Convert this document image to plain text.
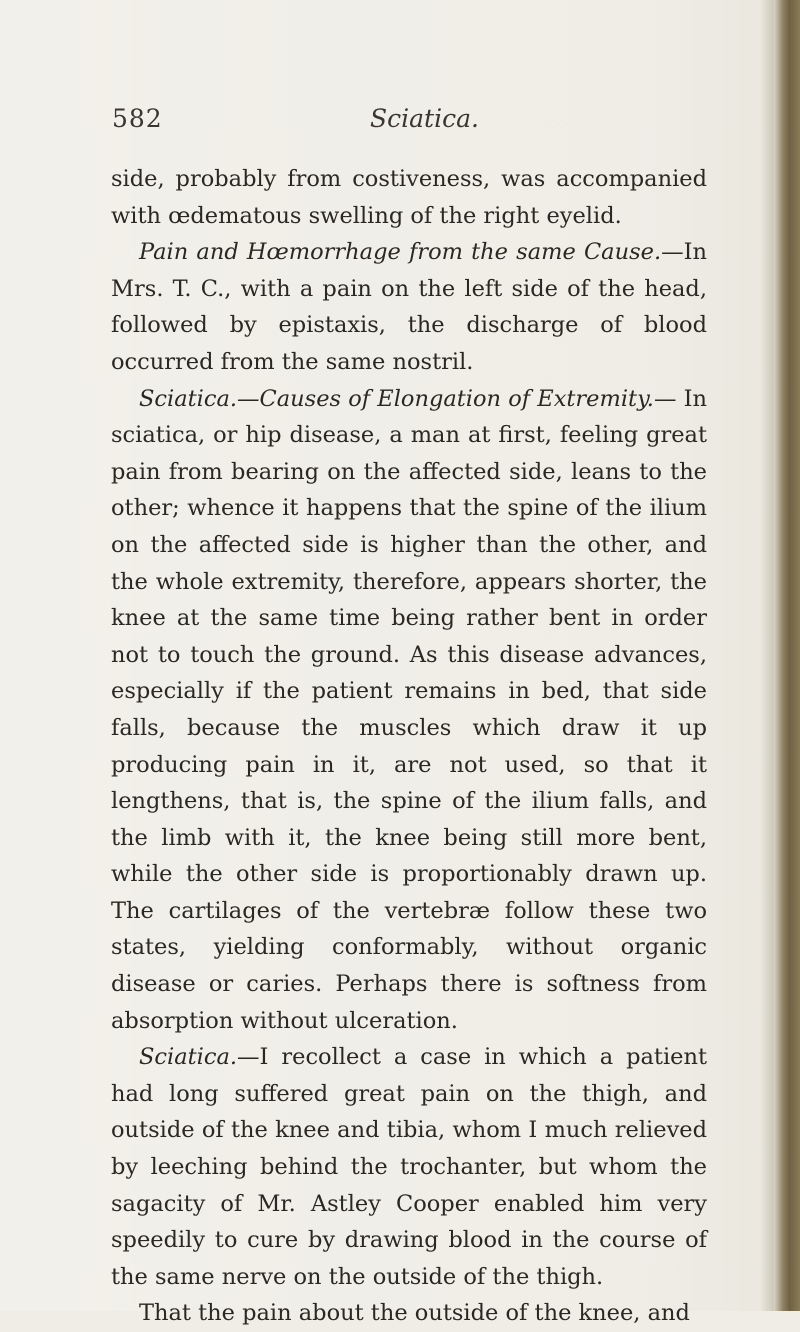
582	Sciatica.

side, probably from costiveness, was accompanied with œdematous swelling of the right eyelid.

Pain and Hœmorrhage from the same Cause.—In Mrs. T. C., with a pain on the left side of the head, followed by epistaxis, the discharge of blood occurred from the same nostril.

Sciatica.—Causes of Elongation of Extremity.— In sciatica, or hip disease, a man at first, feeling great pain from bearing on the affected side, leans to the other; whence it happens that the spine of the ilium on the affected side is higher than the other, and the whole extremity, therefore, appears shorter, the knee at the same time being rather bent in order not to touch the ground. As this disease advances, especially if the patient remains in bed, that side falls, because the muscles which draw it up producing pain in it, are not used, so that it lengthens, that is, the spine of the ilium falls, and the limb with it, the knee being still more bent, while the other side is proportionably drawn up. The cartilages of the vertebræ follow these two states, yielding conformably, without organic disease or caries. Perhaps there is softness from absorption without ulceration.

Sciatica.—I recollect a case in which a patient had long suffered great pain on the thigh, and outside of the knee and tibia, whom I much relieved by leeching behind the trochanter, but whom the sagacity of Mr. Astley Cooper enabled him very speedily to cure by drawing blood in the course of the same nerve on the outside of the thigh.

That the pain about the outside of the knee, and
